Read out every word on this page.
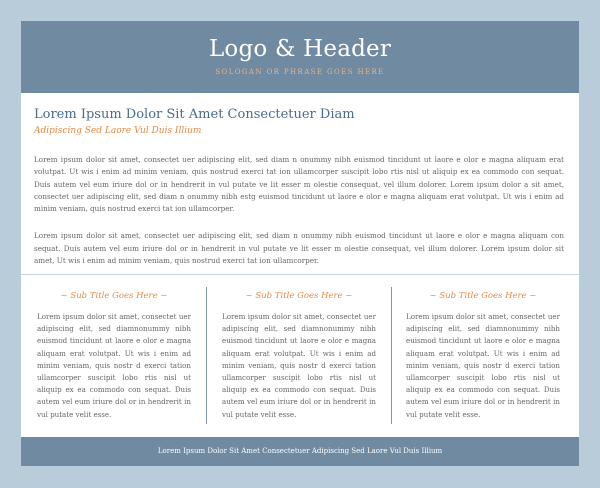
Logo & Header
SOLOGAN OR PHRASE GOES HERE
Lorem Ipsum Dolor Sit Amet Consectetuer Diam
Adipiscing Sed Laore Vul Duis Illium
Lorem ipsum dolor sit amet, consectet uer adipiscing elit, sed diam n onummy nibh euismod tincidunt ut laore e olor e magna aliquam erat volutpat. Ut wis i enim ad minim veniam, quis nostrud exerci tat ion ullamcorper suscipit lobo rtis nisl ut aliquip ex ea commodo con sequat. Duis autem vel eum iriure dol or in hendrerit in vul putate ve lit esser m olestie consequat, vel illum dolorer. Lorem ipsum dolor a sit amet, consectet uer adipiscing elit, sed diam n onummy nibh estg euismod tincidunt ut laore e olor e magna aliquam erat volutpat. Ut wis i enim ad minim veniam, quis nostrud exerci tat ion ullamcorper.
Lorem ipsum dolor sit amet, consectet uer adipiscing elit, sed diam n onummy nibh euismod tincidunt ut laore e olor e magna aliquam con sequat. Duis autem vel eum iriure dol or in hendrerit in vul putate ve lit esser m olestie consequat, vel illum dolorer. Lorem ipsum dolor sit amet, Ut wis i enim ad minim veniam, quis nostrud exerci tat ion ullamcorper.
~ Sub Title Goes Here ~
Lorem ipsum dolor sit amet, consectet uer adipiscing elit, sed diamnonummy nibh euismod tincidunt ut laore e olor e magna aliquam erat volutpat. Ut wis i enim ad minim veniam, quis nostr d exerci tation ullamcorper suscipit lobo rtis nisl ut aliquip ex ea commodo con sequat. Duis autem vel eum iriure dol or in hendrerit in vul putate velit esse.
~ Sub Title Goes Here ~
Lorem ipsum dolor sit amet, consectet uer adipiscing elit, sed diamnonummy nibh euismod tincidunt ut laore e olor e magna aliquam erat volutpat. Ut wis i enim ad minim veniam, quis nostr d exerci tation ullamcorper suscipit lobo rtis nisl ut aliquip ex ea commodo con sequat. Duis autem vel eum iriure dol or in hendrerit in vul putate velit esse.
~ Sub Title Goes Here ~
Lorem ipsum dolor sit amet, consectet uer adipiscing elit, sed diamnonummy nibh euismod tincidunt ut laore e olor e magna aliquam erat volutpat. Ut wis i enim ad minim veniam, quis nostr d exerci tation ullamcorper suscipit lobo rtis nisl ut aliquip ex ea commodo con sequat. Duis autem vel eum iriure dol or in hendrerit in vul putate velit esse.
Lorem Ipsum Dolor Sit Amet Consectetuer Adipiscing Sed Laore Vul Duis Illium
